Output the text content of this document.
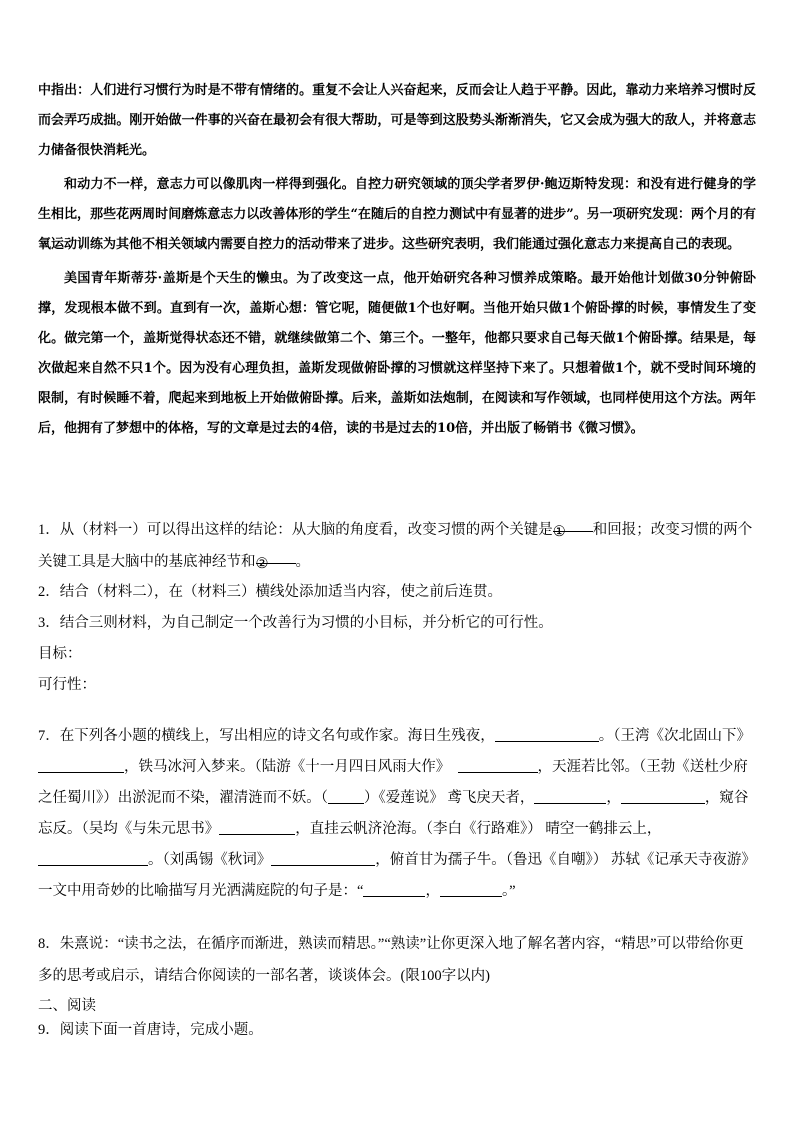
中指出：人们进行习惯行为时是不带有情绪的。重复不会让人兴奋起来，反而会让人趋于平静。因此，靠动力来培养习惯时反而会弄巧成拙。刚开始做一件事的兴奋在最初会有很大帮助，可是等到这股势头渐渐消失，它又会成为强大的敌人，并将意志力储备很快消耗光。

和动力不一样，意志力可以像肌肉一样得到强化。自控力研究领域的顶尖学者罗伊·鲍迈斯特发现：和没有进行健身的学生相比，那些花两周时间磨炼意志力以改善体形的学生“在随后的自控力测试中有显著的进步”。另一项研究发现：两个月的有氧运动训练为其他不相关领域内需要自控力的活动带来了进步。这些研究表明，我们能通过强化意志力来提高自己的表现。

美国青年斯蒂芬·盖斯是个天生的懒虫。为了改变这一点，他开始研究各种习惯养成策略。最开始他计划做30分钟俯卧撑，发现根本做不到。直到有一次，盖斯心想：管它呢，随便做1个也好啊。当他开始只做1个俯卧撑的时候，事情发生了变化。做完第一个，盖斯觉得状态还不错，就继续做第二个、第三个。一整年，他都只要求自己每天做1个俯卧撑。结果是，每次做起来自然不只1个。因为没有心理负担，盖斯发现做俯卧撑的习惯就这样坚持下来了。只想着做1个，就不受时间环境的限制，有时候睡不着，爬起来到地板上开始做俯卧撑。后来，盖斯如法炮制，在阅读和写作领域，也同样使用这个方法。两年后，他拥有了梦想中的体格，写的文章是过去的4倍，读的书是过去的10倍，并出版了畅销书《微习惯》。

1．从（材料一）可以得出这样的结论：从大脑的角度看，改变习惯的两个关键是① 和回报；改变习惯的两个关键工具是大脑中的基底神经节和② 。

2．结合（材料二），在（材料三）横线处添加适当内容，使之前后连贯。

3．结合三则材料，为自己制定一个改善行为习惯的小目标，并分析它的可行性。

目标：

可行性：

7．在下列各小题的横线上，写出相应的诗文名句或作家。海日生残夜，	。（王湾《次北固山下》 ，铁马冰河入梦来。（陆游《十一月四日风雨大作》　	，天涯若比邻。（王勃《送杜少府之任蜀川》）出淤泥而不染，濯清涟而不妖。（ ）《爱莲说》 鸢飞戾天者，	，	，窥谷忘反。（吴均《与朱元思书》	，直挂云帆济沧海。（李白《行路难》） 晴空一鹤排云上，。（刘禹锡《秋词》	，俯首甘为孺子牛。（鲁迅《自嘲》） 苏轼《记承天寺夜游》一文中用奇妙的比喻描写月光洒满庭院的句子是：“	，	。”

8．朱熹说：“读书之法，在循序而渐进，熟读而精思。”“熟读”让你更深入地了解名著内容，“精思”可以带给你更多的思考或启示，请结合你阅读的一部名著，谈谈体会。(限100字以内)

二、阅读

9．阅读下面一首唐诗，完成小题。
